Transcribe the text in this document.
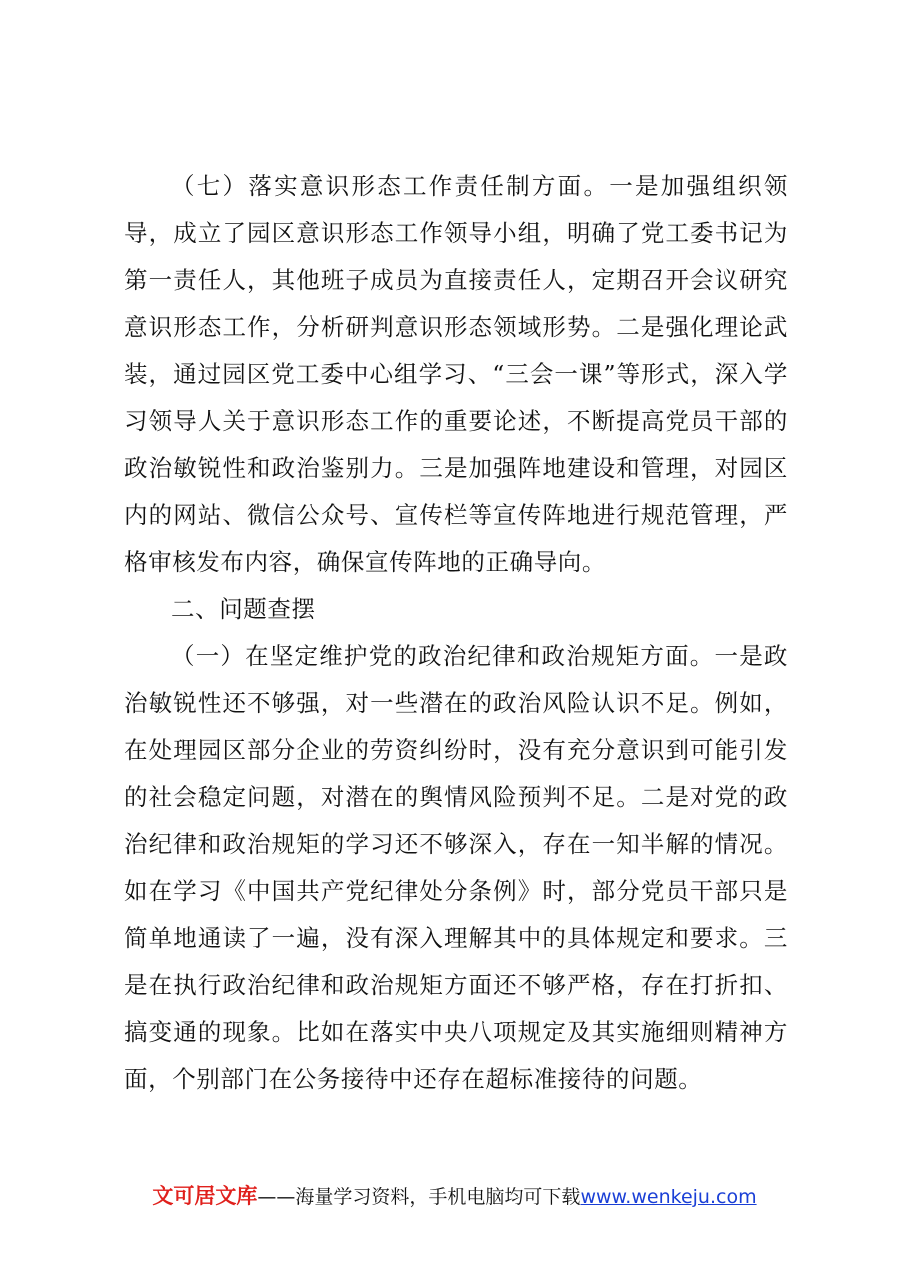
（七）落实意识形态工作责任制方面。一是加强组织领导，成立了园区意识形态工作领导小组，明确了党工委书记为第一责任人，其他班子成员为直接责任人，定期召开会议研究意识形态工作，分析研判意识形态领域形势。二是强化理论武装，通过园区党工委中心组学习、“三会一课”等形式，深入学习领导人关于意识形态工作的重要论述，不断提高党员干部的政治敏锐性和政治鉴别力。三是加强阵地建设和管理，对园区内的网站、微信公众号、宣传栏等宣传阵地进行规范管理，严格审核发布内容，确保宣传阵地的正确导向。

二、问题查摆

（一）在坚定维护党的政治纪律和政治规矩方面。一是政治敏锐性还不够强，对一些潜在的政治风险认识不足。例如，在处理园区部分企业的劳资纠纷时，没有充分意识到可能引发的社会稳定问题，对潜在的舆情风险预判不足。二是对党的政治纪律和政治规矩的学习还不够深入，存在一知半解的情况。如在学习《中国共产党纪律处分条例》时，部分党员干部只是简单地通读了一遍，没有深入理解其中的具体规定和要求。三是在执行政治纪律和政治规矩方面还不够严格，存在打折扣、搞变通的现象。比如在落实中央八项规定及其实施细则精神方面，个别部门在公务接待中还存在超标准接待的问题。

文可居文库——海量学习资料，手机电脑均可下载www.wenkeju.com
